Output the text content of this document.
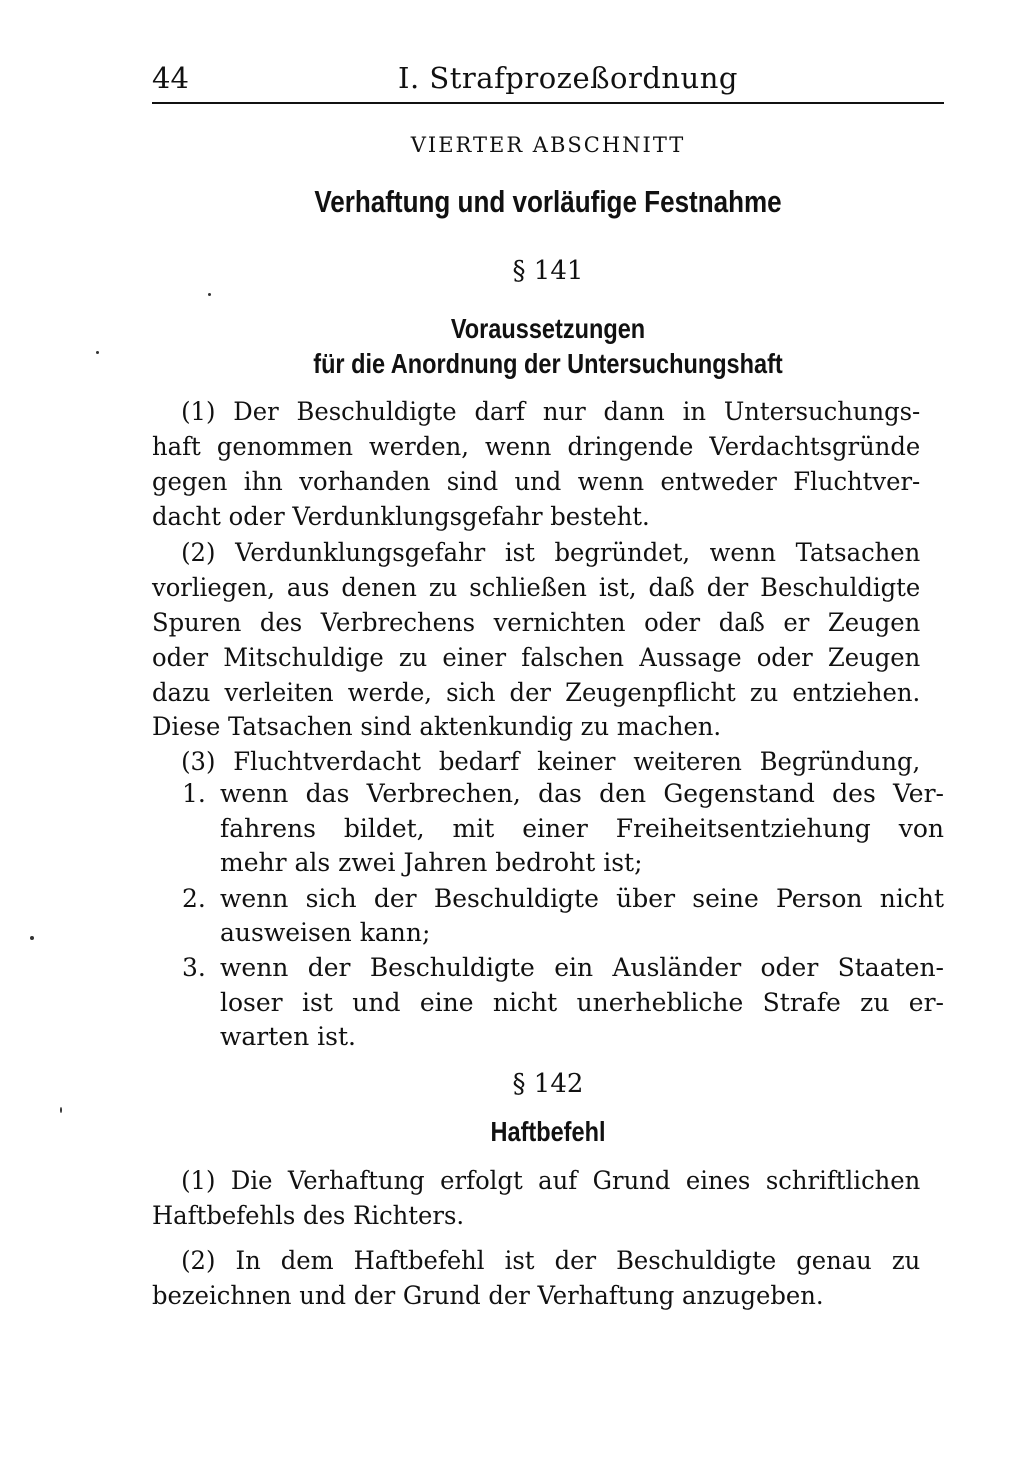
44	I. Strafprozeßordnung
VIERTER ABSCHNITT
Verhaftung und vorläufige Festnahme
§ 141
Voraussetzungen
für die Anordnung der Untersuchungshaft
(1) Der Beschuldigte darf nur dann in Untersuchungs-
haft genommen werden, wenn dringende Verdachtsgründe
gegen ihn vorhanden sind und wenn entweder Fluchtver-
dacht oder Verdunklungsgefahr besteht.
(2) Verdunklungsgefahr ist begründet, wenn Tatsachen
vorliegen, aus denen zu schließen ist, daß der Beschuldigte
Spuren des Verbrechens vernichten oder daß er Zeugen
oder Mitschuldige zu einer falschen Aussage oder Zeugen
dazu verleiten werde, sich der Zeugenpflicht zu entziehen.
Diese Tatsachen sind aktenkundig zu machen.
(3) Fluchtverdacht bedarf keiner weiteren Begründung,
1. wenn das Verbrechen, das den Gegenstand des Ver-
fahrens bildet, mit einer Freiheitsentziehung von
mehr als zwei Jahren bedroht ist;
2. wenn sich der Beschuldigte über seine Person nicht
ausweisen kann;
3. wenn der Beschuldigte ein Ausländer oder Staaten-
loser ist und eine nicht unerhebliche Strafe zu er-
warten ist.
§ 142
Haftbefehl
(1) Die Verhaftung erfolgt auf Grund eines schriftlichen
Haftbefehls des Richters.
(2) In dem Haftbefehl ist der Beschuldigte genau zu
bezeichnen und der Grund der Verhaftung anzugeben.
